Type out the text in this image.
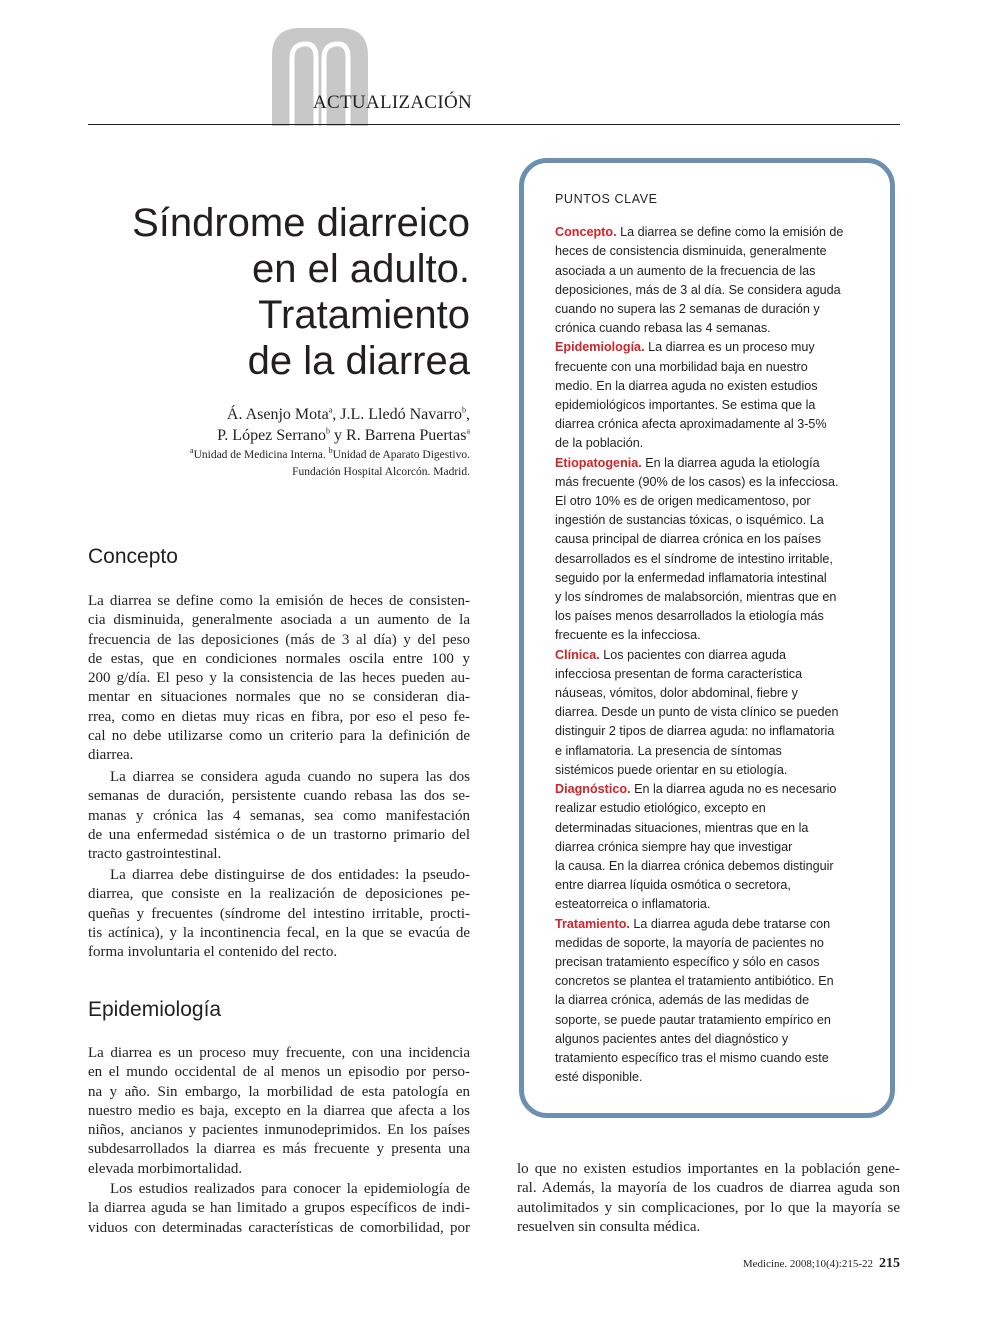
ACTUALIZACIÓN
Síndrome diarreico
en el adulto.
Tratamiento
de la diarrea
Á. Asenjo Mota$^a$, J.L. Lledó Navarro$^b$,
P. López Serrano$^b$ y R. Barrena Puertas$^a$
$^a$Unidad de Medicina Interna. $^b$Unidad de Aparato Digestivo.
Fundación Hospital Alcorcón. Madrid.
Concepto
La diarrea se define como la emisión de heces de consisten-
cia disminuida, generalmente asociada a un aumento de la
frecuencia de las deposiciones (más de 3 al día) y del peso
de estas, que en condiciones normales oscila entre 100 y
200 g/día. El peso y la consistencia de las heces pueden au-
mentar en situaciones normales que no se consideran dia-
rrea, como en dietas muy ricas en fibra, por eso el peso fe-
cal no debe utilizarse como un criterio para la definición de
diarrea.
La diarrea se considera aguda cuando no supera las dos
semanas de duración, persistente cuando rebasa las dos se-
manas y crónica las 4 semanas, sea como manifestación
de una enfermedad sistémica o de un trastorno primario del
tracto gastrointestinal.
La diarrea debe distinguirse de dos entidades: la pseudo-
diarrea, que consiste en la realización de deposiciones pe-
queñas y frecuentes (síndrome del intestino irritable, procti-
tis actínica), y la incontinencia fecal, en la que se evacúa de
forma involuntaria el contenido del recto.
Epidemiología
La diarrea es un proceso muy frecuente, con una incidencia
en el mundo occidental de al menos un episodio por perso-
na y año. Sin embargo, la morbilidad de esta patología en
nuestro medio es baja, excepto en la diarrea que afecta a los
niños, ancianos y pacientes inmunodeprimidos. En los países
subdesarrollados la diarrea es más frecuente y presenta una
elevada morbimortalidad.
Los estudios realizados para conocer la epidemiología de
la diarrea aguda se han limitado a grupos específicos de indi-
viduos con determinadas características de comorbilidad, por
PUNTOS CLAVE
Concepto. La diarrea se define como la emisión de
heces de consistencia disminuida, generalmente
asociada a un aumento de la frecuencia de las
deposiciones, más de 3 al día. Se considera aguda
cuando no supera las 2 semanas de duración y
crónica cuando rebasa las 4 semanas.
Epidemiología. La diarrea es un proceso muy
frecuente con una morbilidad baja en nuestro
medio. En la diarrea aguda no existen estudios
epidemiológicos importantes. Se estima que la
diarrea crónica afecta aproximadamente al 3-5%
de la población.
Etiopatogenia. En la diarrea aguda la etiología
más frecuente (90% de los casos) es la infecciosa.
El otro 10% es de origen medicamentoso, por
ingestión de sustancias tóxicas, o isquémico. La
causa principal de diarrea crónica en los países
desarrollados es el síndrome de intestino irritable,
seguido por la enfermedad inflamatoria intestinal
y los síndromes de malabsorción, mientras que en
los países menos desarrollados la etiología más
frecuente es la infecciosa.
Clínica. Los pacientes con diarrea aguda
infecciosa presentan de forma característica
náuseas, vómitos, dolor abdominal, fiebre y
diarrea. Desde un punto de vista clínico se pueden
distinguir 2 tipos de diarrea aguda: no inflamatoria
e inflamatoria. La presencia de síntomas
sistémicos puede orientar en su etiología.
Diagnóstico. En la diarrea aguda no es necesario
realizar estudio etiológico, excepto en
determinadas situaciones, mientras que en la
diarrea crónica siempre hay que investigar
la causa. En la diarrea crónica debemos distinguir
entre diarrea líquida osmótica o secretora,
esteatorreica o inflamatoria.
Tratamiento. La diarrea aguda debe tratarse con
medidas de soporte, la mayoría de pacientes no
precisan tratamiento específico y sólo en casos
concretos se plantea el tratamiento antibiótico. En
la diarrea crónica, además de las medidas de
soporte, se puede pautar tratamiento empírico en
algunos pacientes antes del diagnóstico y
tratamiento específico tras el mismo cuando este
esté disponible.
lo que no existen estudios importantes en la población gene-
ral. Además, la mayoría de los cuadros de diarrea aguda son
autolimitados y sin complicaciones, por lo que la mayoría se
resuelven sin consulta médica.
Medicine. 2008;10(4):215-22 215
